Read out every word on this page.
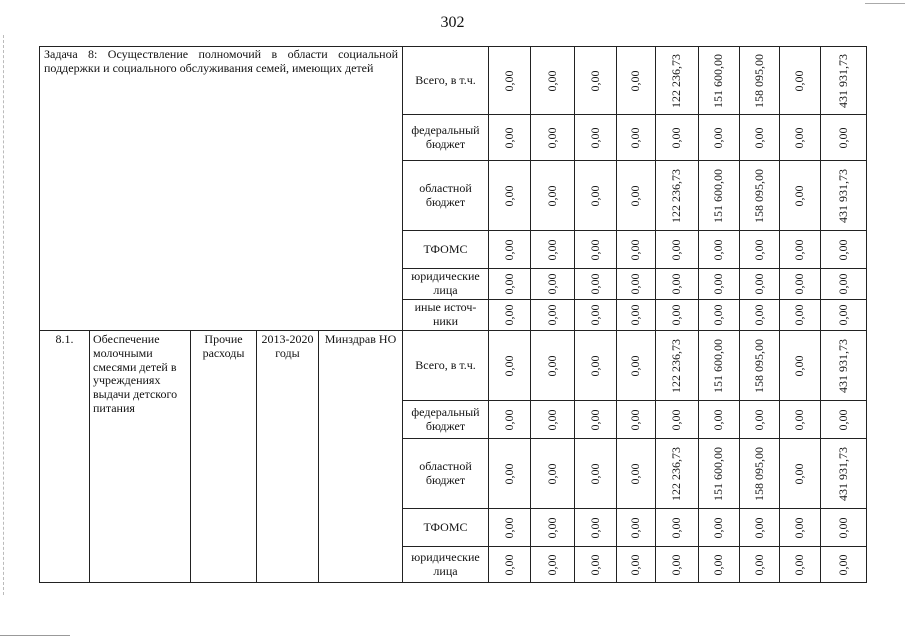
302
Задача 8: Осуществление полномочий в области социальной поддержки и социального обслуживания семей, имеющих детей					Всего, в т.ч.	0,00	0,00	0,00	0,00	122 236,73	151 600,00	158 095,00	0,00	431 931,73

					федеральный бюджет	0,00	0,00	0,00	0,00	0,00	0,00	0,00	0,00	0,00

					областной бюджет	0,00	0,00	0,00	0,00	122 236,73	151 600,00	158 095,00	0,00	431 931,73

					ТФОМС	0,00	0,00	0,00	0,00	0,00	0,00	0,00	0,00	0,00

					юридические лица	0,00	0,00	0,00	0,00	0,00	0,00	0,00	0,00	0,00

					иные источ-ники	0,00	0,00	0,00	0,00	0,00	0,00	0,00	0,00	0,00

8.1.	Обеспечение молочными смесями детей в учреждениях выдачи детского питания	Прочие расходы	2013-2020 годы	Минздрав НО	Всего, в т.ч.	0,00	0,00	0,00	0,00	122 236,73	151 600,00	158 095,00	0,00	431 931,73

					федеральный бюджет	0,00	0,00	0,00	0,00	0,00	0,00	0,00	0,00	0,00

					областной бюджет	0,00	0,00	0,00	0,00	122 236,73	151 600,00	158 095,00	0,00	431 931,73

					ТФОМС	0,00	0,00	0,00	0,00	0,00	0,00	0,00	0,00	0,00

					юридические лица	0,00	0,00	0,00	0,00	0,00	0,00	0,00	0,00	0,00
